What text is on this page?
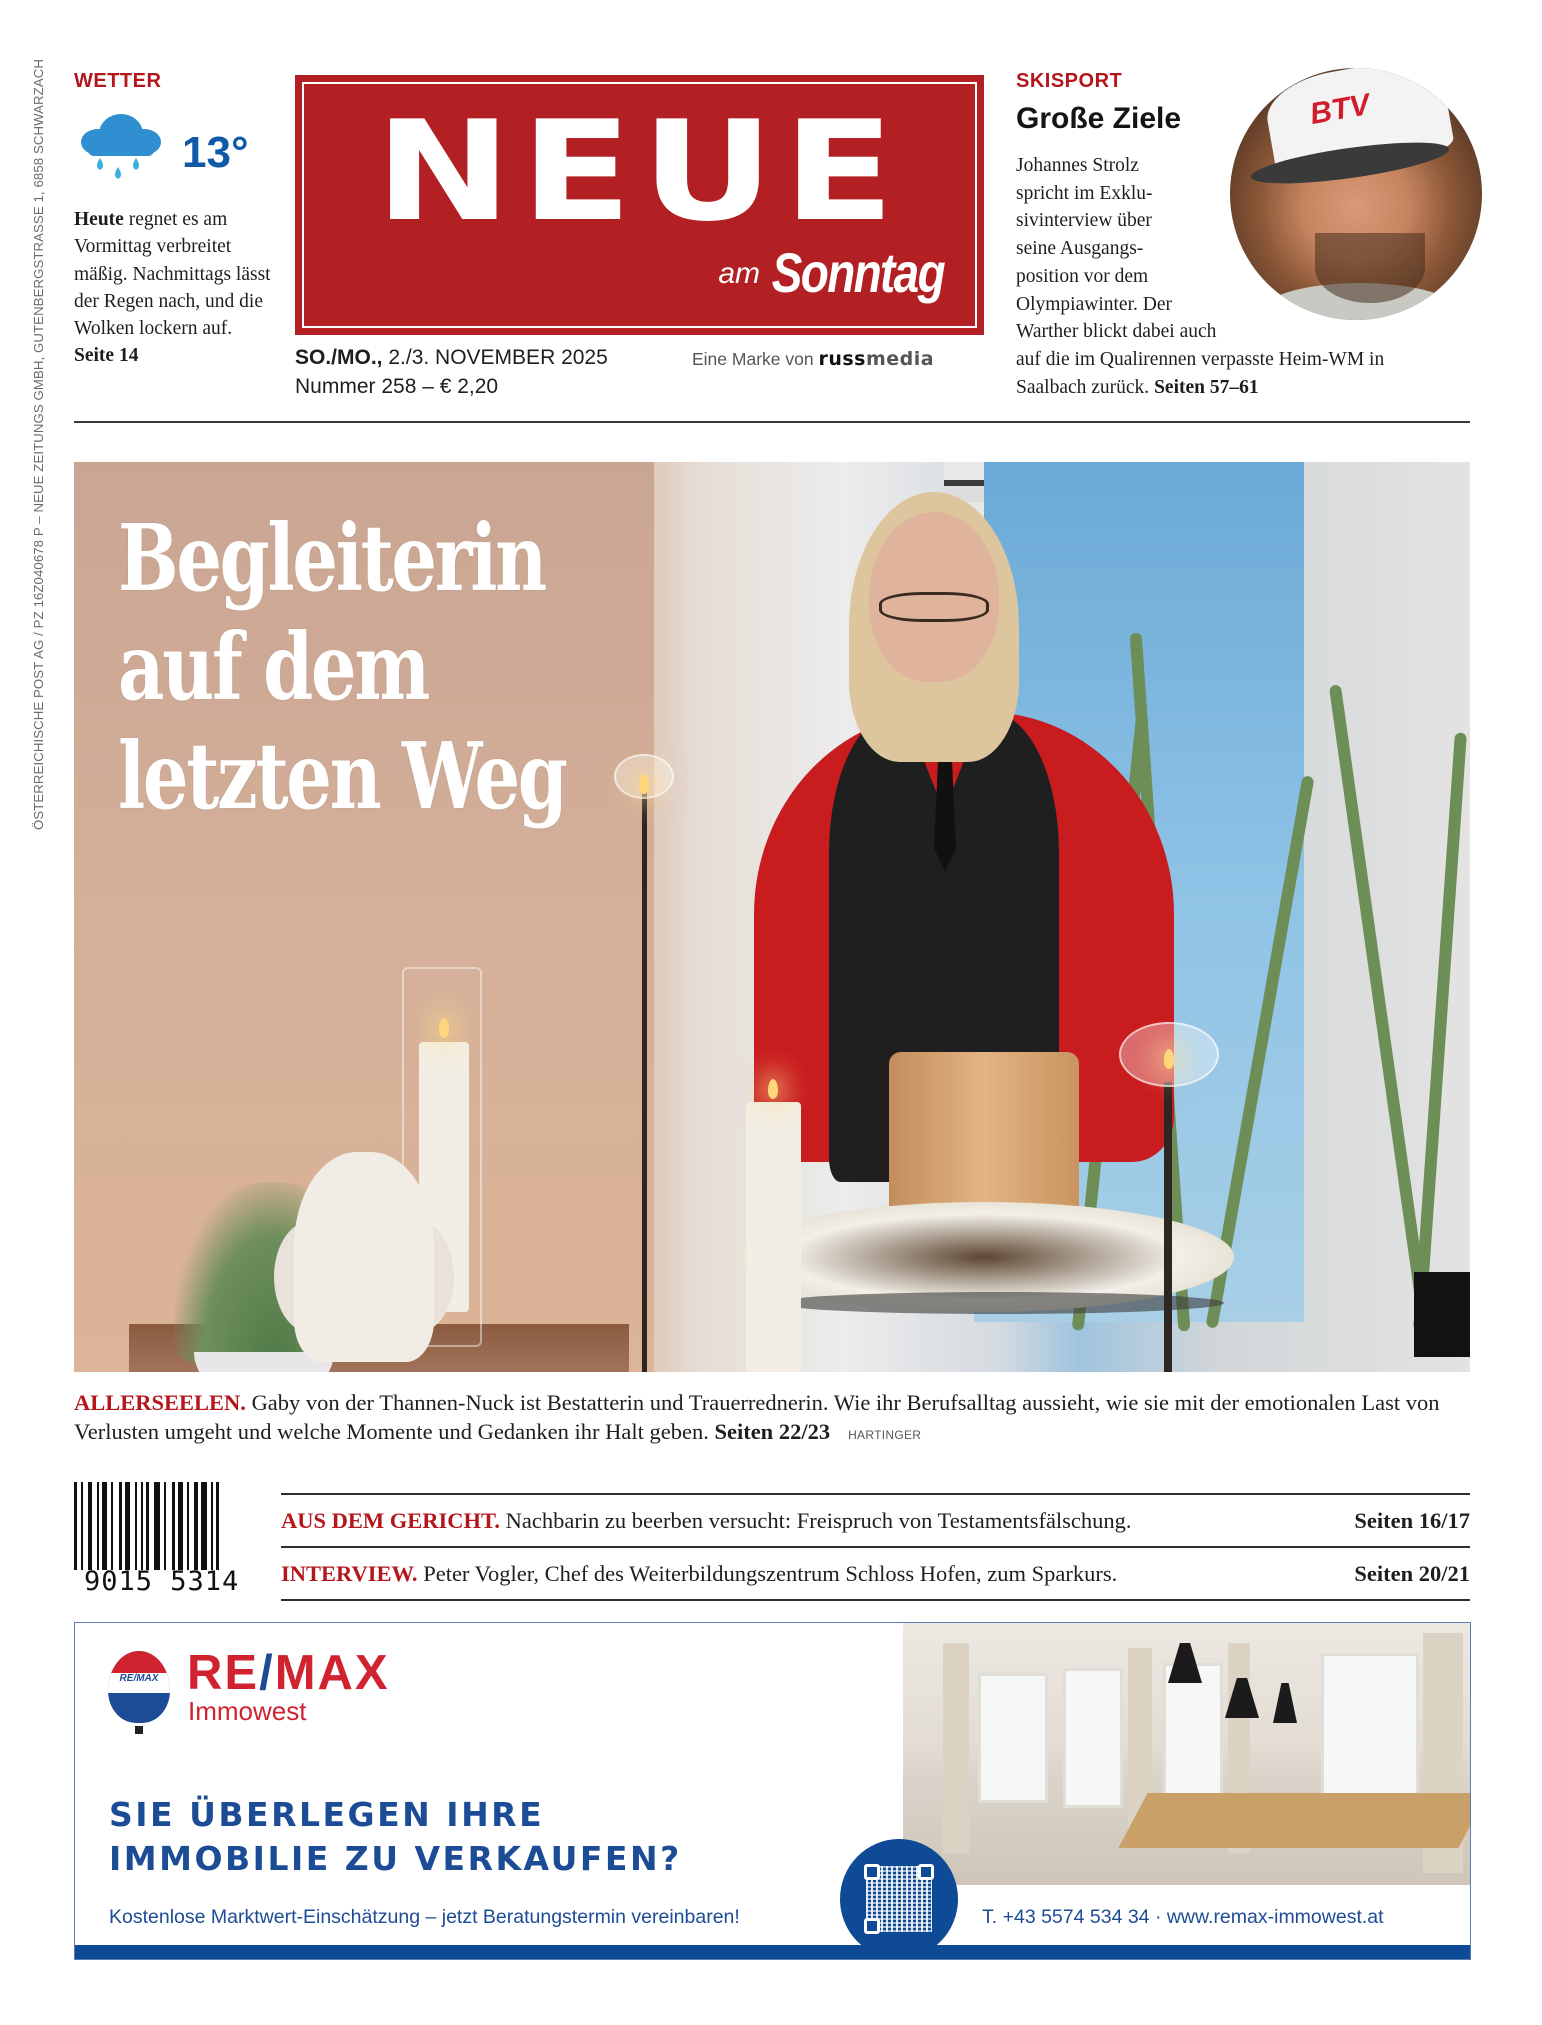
ÖSTERREICHISCHE POST AG / PZ 16Z040678 P – NEUE ZEITUNGS GMBH, GUTENBERGSTRASSE 1, 6858 SCHWARZACH WETTER
13°
Heute regnet es am Vormittag verbreitet mäßig. Nachmittags lässt der Regen nach, und die Wolken lockern auf. Seite 14
NEUE
am Sonntag
SO./MO., 2./3. NOVEMBER 2025
Nummer 258 – € 2,20
Eine Marke von russmedia
SKISPORT
Große Ziele
Johannes Strolz
spricht im Exklu-
sivinterview über
seine Ausgangs-
position vor dem
Olympiawinter. Der
Warther blickt dabei auch
auf die im Qualirennen verpasste Heim-WM in
Saalbach zurück. Seiten 57–61
BTV
Begleiterin
auf dem
letzten Weg
ALLERSEELEN. Gaby von der Thannen-Nuck ist Bestatterin und Trauerrednerin. Wie ihr Berufsalltag aussieht, wie sie mit der emotionalen Last von Verlusten umgeht und welche Momente und Gedanken ihr Halt geben. Seiten 22/23 HARTINGER
9015 5314
AUS DEM GERICHT. Nachbarin zu beerben versucht: Freispruch von Testamentsfälschung.	Seiten 16/17
INTERVIEW. Peter Vogler, Chef des Weiterbildungszentrum Schloss Hofen, zum Sparkurs.	Seiten 20/21
RE/MAX RE/MAX
Immowest
SIE ÜBERLEGEN IHRE
IMMOBILIE ZU VERKAUFEN?
Kostenlose Marktwert-Einschätzung – jetzt Beratungstermin vereinbaren!	T. +43 5574 534 34 · www.remax-immowest.at
